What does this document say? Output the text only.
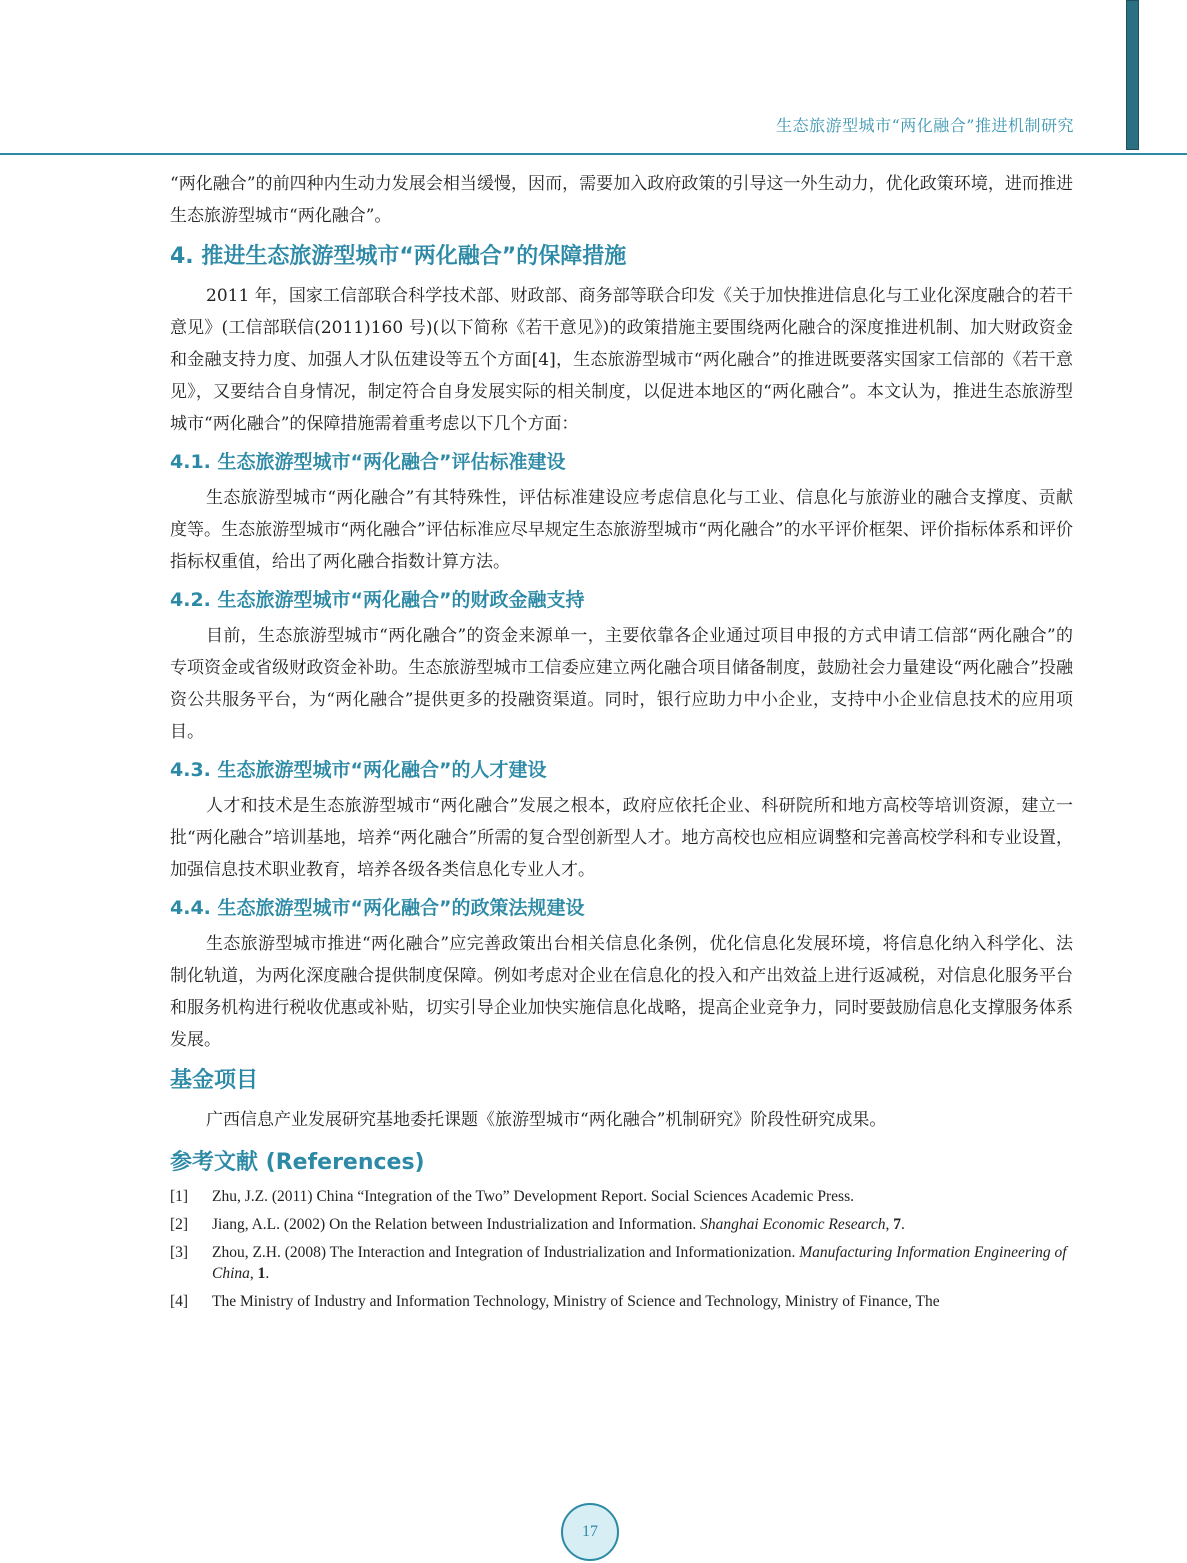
生态旅游型城市“两化融合”推进机制研究

“两化融合”的前四种内生动力发展会相当缓慢，因而，需要加入政府政策的引导这一外生动力，优化政策环境，进而推进生态旅游型城市“两化融合”。

4. 推进生态旅游型城市“两化融合”的保障措施

2011 年，国家工信部联合科学技术部、财政部、商务部等联合印发《关于加快推进信息化与工业化深度融合的若干意见》(工信部联信(2011)160 号)(以下简称《若干意见》)的政策措施主要围绕两化融合的深度推进机制、加大财政资金和金融支持力度、加强人才队伍建设等五个方面[4]，生态旅游型城市“两化融合”的推进既要落实国家工信部的《若干意见》，又要结合自身情况，制定符合自身发展实际的相关制度，以促进本地区的“两化融合”。本文认为，推进生态旅游型城市“两化融合”的保障措施需着重考虑以下几个方面：

4.1. 生态旅游型城市“两化融合”评估标准建设

生态旅游型城市“两化融合”有其特殊性，评估标准建设应考虑信息化与工业、信息化与旅游业的融合支撑度、贡献度等。生态旅游型城市“两化融合”评估标准应尽早规定生态旅游型城市“两化融合”的水平评价框架、评价指标体系和评价指标权重值，给出了两化融合指数计算方法。

4.2. 生态旅游型城市“两化融合”的财政金融支持

目前，生态旅游型城市“两化融合”的资金来源单一，主要依靠各企业通过项目申报的方式申请工信部“两化融合”的专项资金或省级财政资金补助。生态旅游型城市工信委应建立两化融合项目储备制度，鼓励社会力量建设“两化融合”投融资公共服务平台，为“两化融合”提供更多的投融资渠道。同时，银行应助力中小企业，支持中小企业信息技术的应用项目。

4.3. 生态旅游型城市“两化融合”的人才建设

人才和技术是生态旅游型城市“两化融合”发展之根本，政府应依托企业、科研院所和地方高校等培训资源，建立一批“两化融合”培训基地，培养“两化融合”所需的复合型创新型人才。地方高校也应相应调整和完善高校学科和专业设置，加强信息技术职业教育，培养各级各类信息化专业人才。

4.4. 生态旅游型城市“两化融合”的政策法规建设

生态旅游型城市推进“两化融合”应完善政策出台相关信息化条例，优化信息化发展环境，将信息化纳入科学化、法制化轨道，为两化深度融合提供制度保障。例如考虑对企业在信息化的投入和产出效益上进行返减税，对信息化服务平台和服务机构进行税收优惠或补贴，切实引导企业加快实施信息化战略，提高企业竞争力，同时要鼓励信息化支撑服务体系发展。

基金项目

广西信息产业发展研究基地委托课题《旅游型城市“两化融合”机制研究》阶段性研究成果。

参考文献 (References)
[1] Zhu, J.Z. (2011) China “Integration of the Two” Development Report. Social Sciences Academic Press.
[2] Jiang, A.L. (2002) On the Relation between Industrialization and Information. Shanghai Economic Research, 7.
[3] Zhou, Z.H. (2008) The Interaction and Integration of Industrialization and Informationization. Manufacturing Information Engineering of China, 1.
[4] The Ministry of Industry and Information Technology, Ministry of Science and Technology, Ministry of Finance, The
17
